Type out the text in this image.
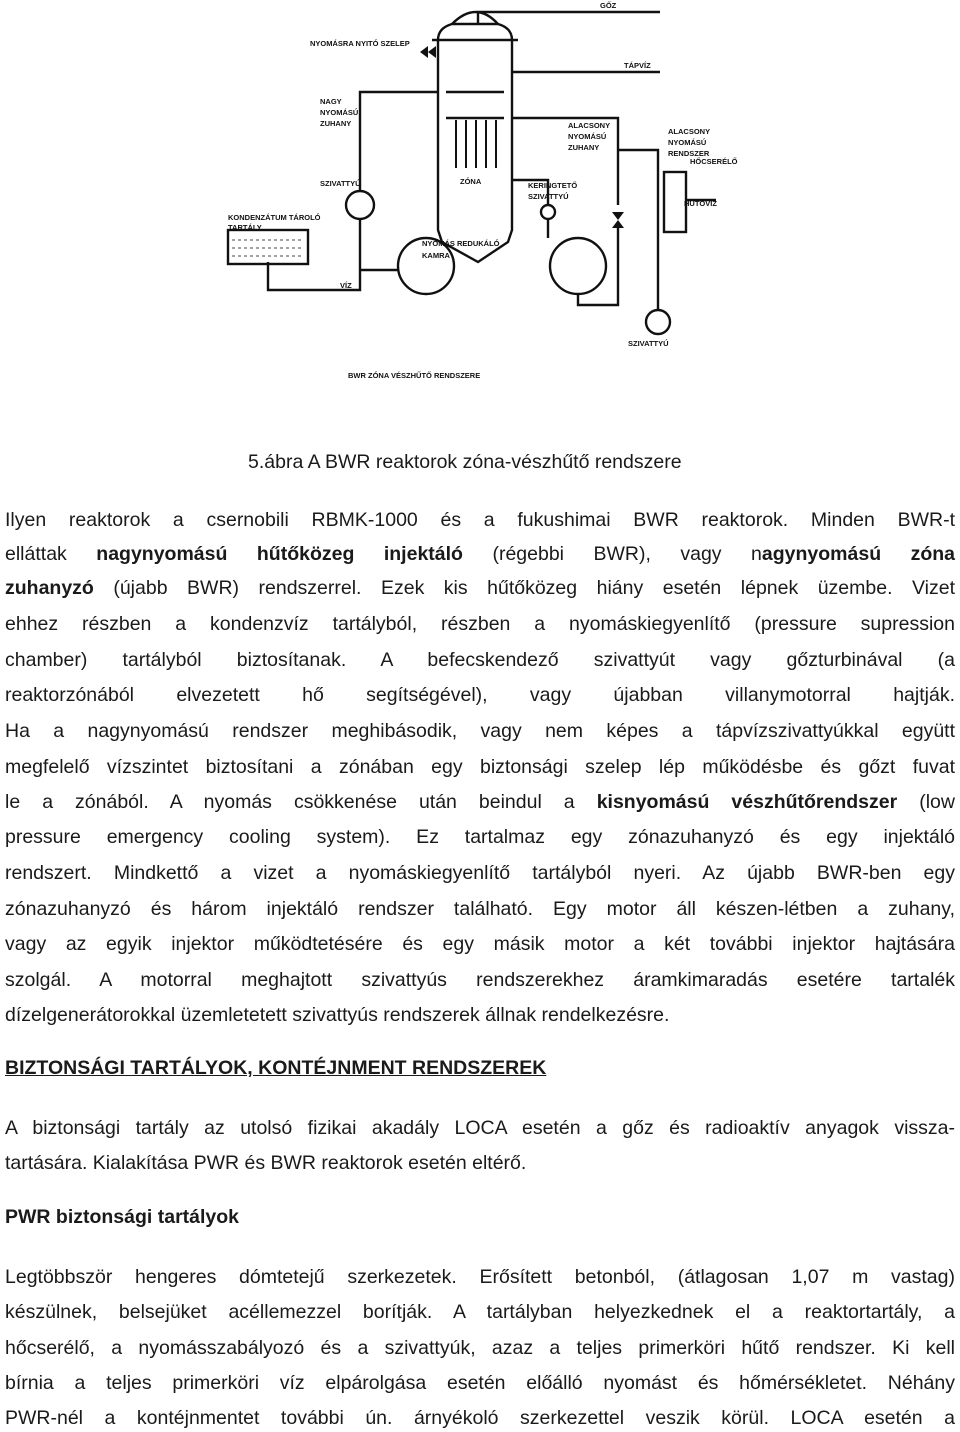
GŐZ
NYOMÁSRA NYITÓ SZELEP
TÁPVÍZ
NAGY
NYOMÁSÚ
ZUHANY	ALACSONY
NYOMÁSÚ
ZUHANY
ALACSONY
NYOMÁSÚ
RENDSZER
HŐCSERÉLŐ
SZIVATTYÚ	ZÓNA	KERINGTETŐ
SZIVATTYÚ
HŰTŐVÍZ
KONDENZÁTUM TÁROLÓ
TARTÁLY
NYOMÁS REDUKÁLÓ
KAMRA
VÍZ
SZIVATTYÚ
BWR ZÓNA VÉSZHŰTŐ RENDSZERE
5.ábra A BWR reaktorok zóna-vészhűtő rendszere
Ilyen reaktorok a csernobili RBMK-1000 és a fukushimai BWR reaktorok. Minden BWR-t
elláttak nagynyomású hűtőközeg injektáló (régebbi BWR), vagy nagynyomású zóna
zuhanyzó (újabb BWR) rendszerrel. Ezek kis hűtőközeg hiány esetén lépnek üzembe. Vizet
ehhez részben a kondenzvíz tartályból, részben a nyomáskiegyenlítő (pressure supression
chamber) tartályból biztosítanak. A befecskendező szivattyút vagy gőzturbinával (a
reaktorzónából elvezetett hő segítségével), vagy újabban villanymotorral hajtják.
Ha a nagynyomású rendszer meghibásodik, vagy nem képes a tápvízszivattyúkkal együtt
megfelelő vízszintet biztosítani a zónában egy biztonsági szelep lép működésbe és gőzt fuvat
le a zónából. A nyomás csökkenése után beindul a kisnyomású vészhűtőrendszer (low
pressure emergency cooling system). Ez tartalmaz egy zónazuhanyzó és egy injektáló
rendszert. Mindkettő a vizet a nyomáskiegyenlítő tartályból nyeri. Az újabb BWR-ben egy
zónazuhanyzó és három injektáló rendszer található. Egy motor áll készen-létben a zuhany,
vagy az egyik injektor működtetésére és egy másik motor a két további injektor hajtására
szolgál. A motorral meghajtott szivattyús rendszerekhez áramkimaradás esetére tartalék
dízelgenerátorokkal üzemletetett szivattyús rendszerek állnak rendelkezésre.
BIZTONSÁGI TARTÁLYOK, KONTÉJNMENT RENDSZEREK
A biztonsági tartály az utolsó fizikai akadály LOCA esetén a gőz és radioaktív anyagok vissza-
tartására. Kialakítása PWR és BWR reaktorok esetén eltérő.
PWR biztonsági tartályok
Legtöbbször hengeres dómtetejű szerkezetek. Erősített betonból, (átlagosan 1,07 m vastag)
készülnek, belsejüket acéllemezzel borítják. A tartályban helyezkednek el a reaktortartály, a
hőcserélő, a nyomásszabályozó és a szivattyúk, azaz a teljes primerköri hűtő rendszer. Ki kell
bírnia a teljes primerköri víz elpárolgása esetén előálló nyomást és hőmérsékletet. Néhány
PWR-nél a kontéjnmentet további ún. árnyékoló szerkezettel veszik körül. LOCA esetén a
